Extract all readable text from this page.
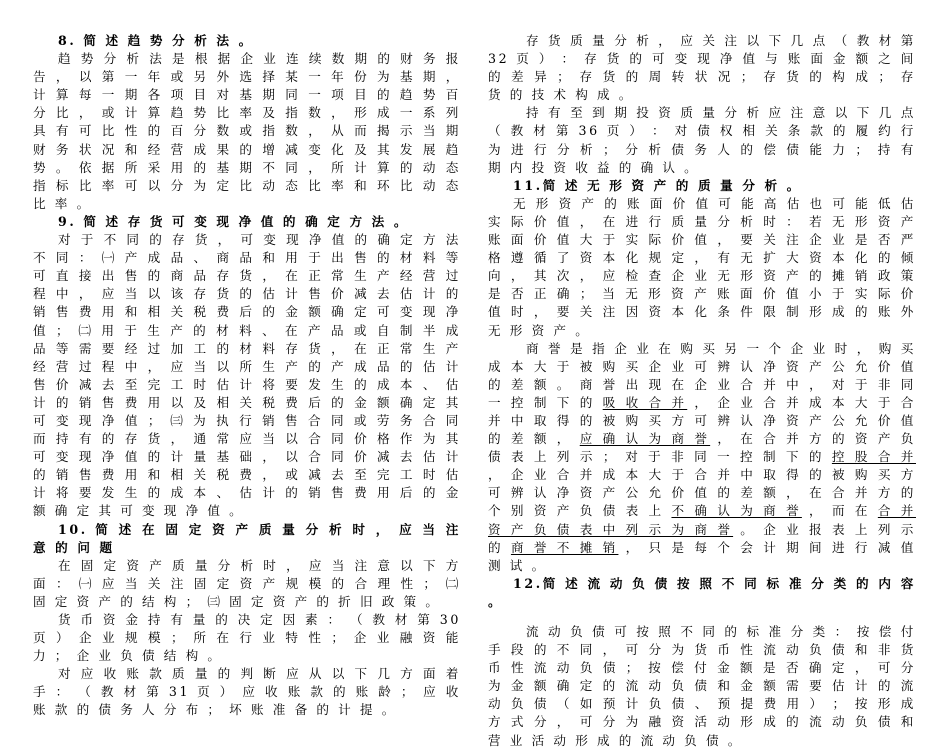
8. 简 述 趋 势 分 析 法 。

趋 势 分 析 法 是 根 据 企 业 连 续 数 期 的 财 务 报 告 ， 以 第 一 年 或 另 外 选 择 某 一 年 份 为 基 期 ， 计 算 每 一 期 各 项 目 对 基 期 同 一 项 目 的 趋 势 百 分 比 ， 或 计 算 趋 势 比 率 及 指 数 ， 形 成 一 系 列 具 有 可 比 性 的 百 分 数 或 指 数 ， 从 而 揭 示 当 期 财 务 状 况 和 经 营 成 果 的 增 减 变 化 及 其 发 展 趋 势 。 依 据 所 采 用 的 基 期 不 同 ， 所 计 算 的 动 态 指 标 比 率 可 以 分 为 定 比 动 态 比 率 和 环 比 动 态 比 率 。

9. 简 述 存 货 可 变 现 净 值 的 确 定 方 法 。

对 于 不 同 的 存 货 ， 可 变 现 净 值 的 确 定 方 法 不 同 ： ㈠ 产 成 品 、 商 品 和 用 于 出 售 的 材 料 等 可 直 接 出 售 的 商 品 存 货 ， 在 正 常 生 产 经 营 过 程 中 ， 应 当 以 该 存 货 的 估 计 售 价 减 去 估 计 的 销 售 费 用 和 相 关 税 费 后 的 金 额 确 定 可 变 现 净 值 ； ㈡ 用 于 生 产 的 材 料 、 在 产 品 或 自 制 半 成 品 等 需 要 经 过 加 工 的 材 料 存 货 ， 在 正 常 生 产 经 营 过 程 中 ， 应 当 以 所 生 产 的 产 成 品 的 估 计 售 价 减 去 至 完 工 时 估 计 将 要 发 生 的 成 本 、 估 计 的 销 售 费 用 以 及 相 关 税 费 后 的 金 额 确 定 其 可 变 现 净 值 ； ㈢ 为 执 行 销 售 合 同 或 劳 务 合 同 而 持 有 的 存 货 ， 通 常 应 当 以 合 同 价 格 作 为 其 可 变 现 净 值 的 计 量 基 础 ， 以 合 同 价 减 去 估 计 的 销 售 费 用 和 相 关 税 费 ， 或 减 去 至 完 工 时 估 计 将 要 发 生 的 成 本 、 估 计 的 销 售 费 用 后 的 金 额 确 定 其 可 变 现 净 值 。

10. 简 述 在 固 定 资 产 质 量 分 析 时 ， 应 当 注 意 的 问 题

在 固 定 资 产 质 量 分 析 时 ， 应 当 注 意 以 下 方 面 ： ㈠ 应 当 关 注 固 定 资 产 规 模 的 合 理 性 ； ㈡ 固 定 资 产 的 结 构 ； ㈢ 固 定 资 产 的 折 旧 政 策 。

货 币 资 金 持 有 量 的 决 定 因 素 ： （ 教 材 第 30 页 ） 企 业 规 模 ； 所 在 行 业 特 性 ； 企 业 融 资 能 力 ； 企 业 负 债 结 构 。

对 应 收 账 款 质 量 的 判 断 应 从 以 下 几 方 面 着 手 ： （ 教 材 第 31 页 ） 应 收 账 款 的 账 龄 ； 应 收 账 款 的 债 务 人 分 布 ； 坏 账 准 备 的 计 提 。

存 货 质 量 分 析 ， 应 关 注 以 下 几 点 （ 教 材 第 32 页 ） ： 存 货 的 可 变 现 净 值 与 账 面 金 额 之 间 的 差 异 ； 存 货 的 周 转 状 况 ； 存 货 的 构 成 ； 存 货 的 技 术 构 成 。

持 有 至 到 期 投 资 质 量 分 析 应 注 意 以 下 几 点 （ 教 材 第 36 页 ） ： 对 债 权 相 关 条 款 的 履 约 行 为 进 行 分 析 ； 分 析 债 务 人 的 偿 债 能 力 ； 持 有 期 内 投 资 收 益 的 确 认 。

11.简 述 无 形 资 产 的 质 量 分 析 。

无 形 资 产 的 账 面 价 值 可 能 高 估 也 可 能 低 估 实 际 价 值 ， 在 进 行 质 量 分 析 时 ： 若 无 形 资 产 账 面 价 值 大 于 实 际 价 值 ， 要 关 注 企 业 是 否 严 格 遵 循 了 资 本 化 规 定 ， 有 无 扩 大 资 本 化 的 倾 向 ， 其 次 ， 应 检 查 企 业 无 形 资 产 的 摊 销 政 策 是 否 正 确 ； 当 无 形 资 产 账 面 价 值 小 于 实 际 价 值 时 ， 要 关 注 因 资 本 化 条 件 限 制 形 成 的 账 外 无 形 资 产 。

商 誉 是 指 企 业 在 购 买 另 一 个 企 业 时 ， 购 买 成 本 大 于 被 购 买 企 业 可 辨 认 净 资 产 公 允 价 值 的 差 额 。 商 誉 出 现 在 企 业 合 并 中 ， 对 于 非 同 一 控 制 下 的 吸 收 合 并 ， 企 业 合 并 成 本 大 于 合 并 中 取 得 的 被 购 买 方 可 辨 认 净 资 产 公 允 价 值 的 差 额 ， 应 确 认 为 商 誉 ， 在 合 并 方 的 资 产 负 债 表 上 列 示 ； 对 于 非 同 一 控 制 下 的 控 股 合 并 ， 企 业 合 并 成 本 大 于 合 并 中 取 得 的 被 购 买 方 可 辨 认 净 资 产 公 允 价 值 的 差 额 ， 在 合 并 方 的 个 别 资 产 负 债 表 上 不 确 认 为 商 誉 ， 而 在 合 并 资 产 负 债 表 中 列 示 为 商 誉 。 企 业 报 表 上 列 示 的 商 誉 不 摊 销 ， 只 是 每 个 会 计 期 间 进 行 减 值 测 试 。

12.简 述 流 动 负 债 按 照 不 同 标 准 分 类 的 内 容 。

流 动 负 债 可 按 照 不 同 的 标 准 分 类 ： 按 偿 付 手 段 的 不 同 ， 可 分 为 货 币 性 流 动 负 债 和 非 货 币 性 流 动 负 债 ； 按 偿 付 金 额 是 否 确 定 ， 可 分 为 金 额 确 定 的 流 动 负 债 和 金 额 需 要 估 计 的 流 动 负 债 （ 如 预 计 负 债 、 预 提 费 用 ） ； 按 形 成 方 式 分 ， 可 分 为 融 资 活 动 形 成 的 流 动 负 债 和 营 业 活 动 形 成 的 流 动 负 债 。
